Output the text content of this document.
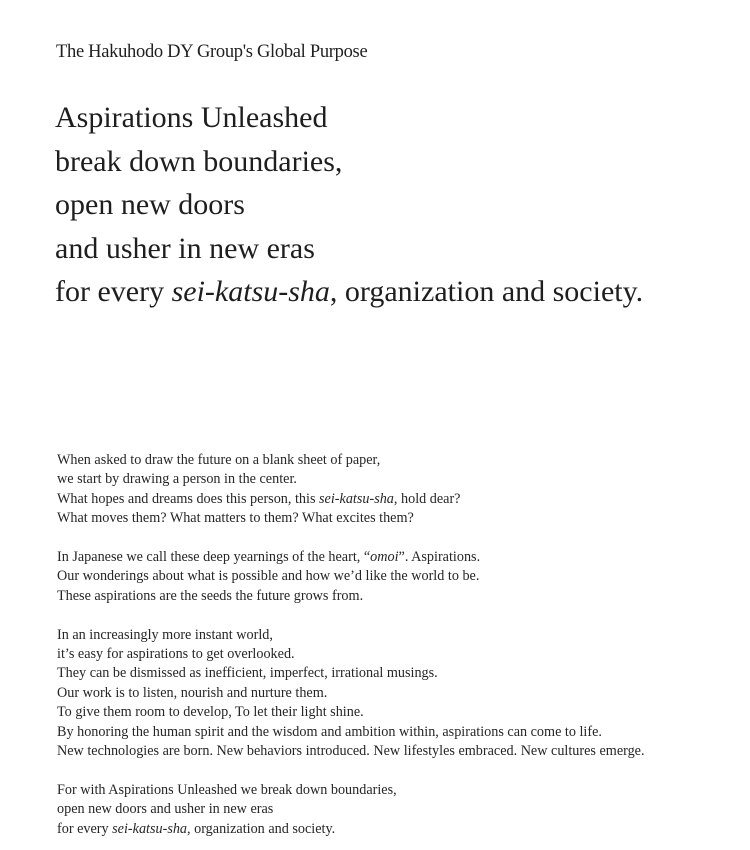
The Hakuhodo DY Group's Global Purpose
Aspirations Unleashed
break down boundaries,
open new doors
and usher in new eras
for every sei-katsu-sha, organization and society.

When asked to draw the future on a blank sheet of paper,
we start by drawing a person in the center.
What hopes and dreams does this person, this sei-katsu-sha, hold dear?
What moves them? What matters to them? What excites them?

In Japanese we call these deep yearnings of the heart, “omoi”. Aspirations.
Our wonderings about what is possible and how we’d like the world to be.
These aspirations are the seeds the future grows from.

In an increasingly more instant world,
it’s easy for aspirations to get overlooked.
They can be dismissed as inefficient, imperfect, irrational musings.
Our work is to listen, nourish and nurture them.
To give them room to develop, To let their light shine.
By honoring the human spirit and the wisdom and ambition within, aspirations can come to life.
New technologies are born. New behaviors introduced. New lifestyles embraced. New cultures emerge.

For with Aspirations Unleashed we break down boundaries,
open new doors and usher in new eras
for every sei-katsu-sha, organization and society.
